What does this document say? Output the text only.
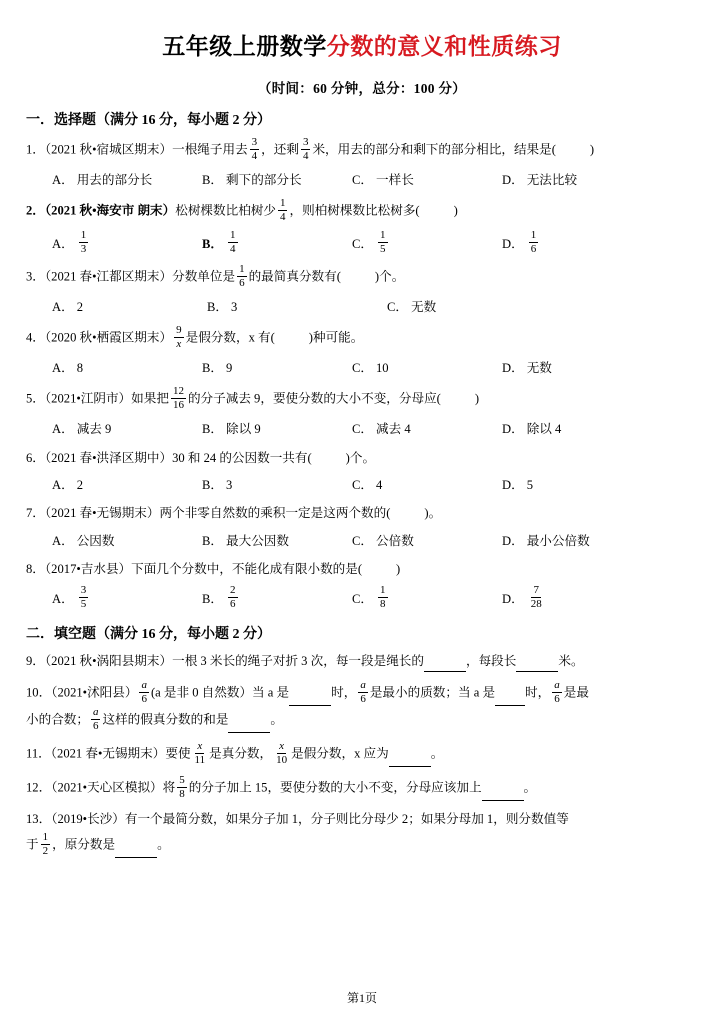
五年级上册数学分数的意义和性质练习
（时间：60 分钟，总分：100 分）
一．选择题（满分 16 分，每小题 2 分）
1．（2021 秋•宿城区期末）一根绳子用去 $\frac{3}{4}$ ，还剩 $\frac{3}{4}$ 米，用去的部分和剩下的部分相比，结果是(	)
A． 用去的部分长	B． 剩下的部分长	C． 一样长	D． 无法比较
2．（2021 秋•海安市 朗末）松树棵数比柏树少 $\frac{1}{4}$ ，则柏树棵数比松树多(	)
A． $\frac{1}{3}$	B． $\frac{1}{4}$	C． $\frac{1}{5}$	D． $\frac{1}{6}$
3．（2021 春•江都区期末）分数单位是 $\frac{1}{6}$ 的最简真分数有(	)个。
A． 2	B． 3	C． 无数
4．（2020 秋•栖霞区期末） $\frac{9}{x}$ 是假分数，x 有(	)种可能。
A． 8	B． 9	C． 10	D． 无数
5．（2021•江阴市）如果把 $\frac{12}{16}$ 的分子减去 9，要使分数的大小不变，分母应(	)
A． 减去 9	B． 除以 9	C． 减去 4	D． 除以 4
6．（2021 春•洪泽区期中）30 和 24 的公因数一共有(	)个。
A． 2	B． 3	C． 4	D． 5
7．（2021 春•无锡期末）两个非零自然数的乘积一定是这两个数的(	)。
A． 公因数	B． 最大公因数	C． 公倍数	D． 最小公倍数
8．（2017•吉水县）下面几个分数中，不能化成有限小数的是(	)
A． $\frac{3}{5}$	B． $\frac{2}{6}$	C． $\frac{1}{8}$	D． $\frac{7}{28}$
二．填空题（满分 16 分，每小题 2 分）
9．（2021 秋•涡阳县期末）一根 3 米长的绳子对折 3 次，每一段是绳长的	，每段长	米。
10．（2021•沭阳县） $\frac{a}{6} (a$ 是非 0 自然数）当 a 是	时， $\frac{a}{6}$ 是最小的质数；当 a 是 时， $\frac{a}{6}$ 是最
小的合数； $\frac{a}{6}$ 这样的假真分数的和是	。
11．（2021 春•无锡期末）要使 $\frac{x}{11}$ 是真分数， $\frac{x}{10}$ 是假分数，x 应为	。
12．（2021•天心区模拟）将 $\frac{5}{8}$ 的分子加上 15，要使分数的大小不变，分母应该加上	。
13．（2019•长沙）有一个最简分数，如果分子加 1，分子则比分母少 2；如果分母加 1，则分数值等
于 $\frac{1}{2}$ ，原分数是	。
第1页
